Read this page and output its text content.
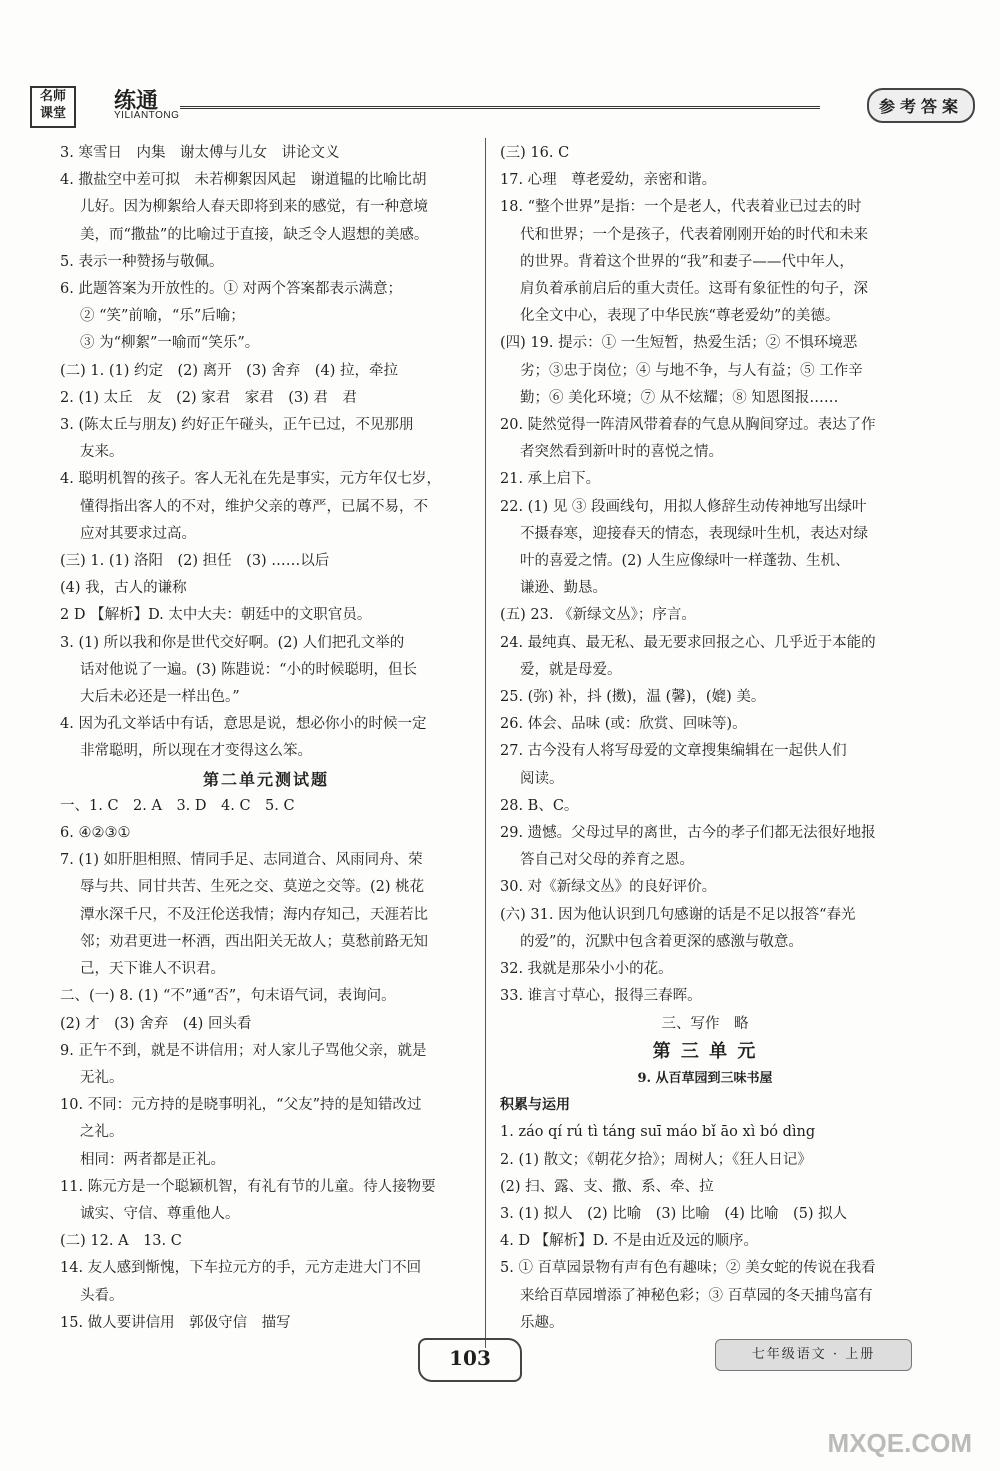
名师
课堂	练通
YILIANTONG	参考答案
3. 寒雪日　内集　谢太傅与儿女　讲论文义
4. 撒盐空中差可拟　未若柳絮因风起　谢道韫的比喻比胡
儿好。因为柳絮给人春天即将到来的感觉，有一种意境
美，而“撒盐”的比喻过于直接，缺乏令人遐想的美感。
5. 表示一种赞扬与敬佩。
6. 此题答案为开放性的。① 对两个答案都表示满意；
② “笑”前喻，“乐”后喻；
③ 为“柳絮”一喻而“笑乐”。
(二) 1. (1) 约定　(2) 离开　(3) 舍弃　(4) 拉，牵拉
2. (1) 太丘　友　(2) 家君　家君　(3) 君　君
3. (陈太丘与朋友) 约好正午碰头，正午已过，不见那朋
友来。
4. 聪明机智的孩子。客人无礼在先是事实，元方年仅七岁，
懂得指出客人的不对，维护父亲的尊严，已属不易，不
应对其要求过高。
(三) 1. (1) 洛阳　(2) 担任　(3) ……以后
(4) 我，古人的谦称
2 D 【解析】D. 太中大夫：朝廷中的文职官员。
3. (1) 所以我和你是世代交好啊。(2) 人们把孔文举的
话对他说了一遍。(3) 陈韪说：“小的时候聪明，但长
大后未必还是一样出色。”
4. 因为孔文举话中有话，意思是说，想必你小的时候一定
非常聪明，所以现在才变得这么笨。
第二单元测试题
一、1. C　2. A　3. D　4. C　5. C
6. ④②③①
7. (1) 如肝胆相照、情同手足、志同道合、风雨同舟、荣
辱与共、同甘共苦、生死之交、莫逆之交等。(2) 桃花
潭水深千尺，不及汪伦送我情；海内存知己，天涯若比
邻；劝君更进一杯酒，西出阳关无故人；莫愁前路无知
己，天下谁人不识君。
二、(一) 8. (1) “不”通“否”，句末语气词，表询问。
(2) 才　(3) 舍弃　(4) 回头看
9. 正午不到，就是不讲信用；对人家儿子骂他父亲，就是
无礼。
10. 不同：元方持的是晓事明礼，“父友”持的是知错改过
之礼。
相同：两者都是正礼。
11. 陈元方是一个聪颖机智，有礼有节的儿童。待人接物要
诚实、守信、尊重他人。
(二) 12. A　13. C
14. 友人感到惭愧，下车拉元方的手，元方走进大门不回
头看。
15. 做人要讲信用　郭伋守信　描写
(三) 16. C
17. 心理　尊老爱幼，亲密和谐。
18. “整个世界”是指：一个是老人，代表着业已过去的时
代和世界；一个是孩子，代表着刚刚开始的时代和未来
的世界。背着这个世界的“我”和妻子——代中年人，
肩负着承前启后的重大责任。这哥有象征性的句子，深
化全文中心，表现了中华民族“尊老爱幼”的美德。
(四) 19. 提示：① 一生短暂，热爱生活；② 不惧环境恶
劣；③忠于岗位；④ 与地不争，与人有益；⑤ 工作辛
勤；⑥ 美化环境；⑦ 从不炫耀；⑧ 知恩图报……
20. 陡然觉得一阵清风带着春的气息从胸间穿过。表达了作
者突然看到新叶时的喜悦之情。
21. 承上启下。
22. (1) 见 ③ 段画线句，用拟人修辞生动传神地写出绿叶
不摄春寒，迎接春天的情态，表现绿叶生机，表达对绿
叶的喜爱之情。(2) 人生应像绿叶一样蓬勃、生机、
谦逊、勤恳。
(五) 23. 《新绿文丛》；序言。
24. 最纯真、最无私、最无要求回报之心、几乎近于本能的
爱，就是母爱。
25. (弥) 补，抖 (擞)，温 (馨)，(媲) 美。
26. 体会、品味 (或：欣赏、回味等)。
27. 古今没有人将写母爱的文章搜集编辑在一起供人们
阅读。
28. B、C。
29. 遗憾。父母过早的离世，古今的孝子们都无法很好地报
答自己对父母的养育之恩。
30. 对《新绿文丛》的良好评价。
(六) 31. 因为他认识到几句感谢的话是不足以报答“春光
的爱”的，沉默中包含着更深的感激与敬意。
32. 我就是那朵小小的花。
33. 谁言寸草心，报得三春晖。
三、写作　略
第 三 单 元
9. 从百草园到三味书屋
积累与运用
1. záo qí rú tì táng suī máo bǐ āo xì bó dìng
2. (1) 散文；《朝花夕拾》；周树人；《狂人日记》
(2) 扫、露、支、撒、系、牵、拉
3. (1) 拟人　(2) 比喻　(3) 比喻　(4) 比喻　(5) 拟人
4. D 【解析】D. 不是由近及远的顺序。
5. ① 百草园景物有声有色有趣味；② 美女蛇的传说在我看
来给百草园增添了神秘色彩；③ 百草园的冬天捕鸟富有
乐趣。
103	七年级语文 · 上册
MXQE.COM
